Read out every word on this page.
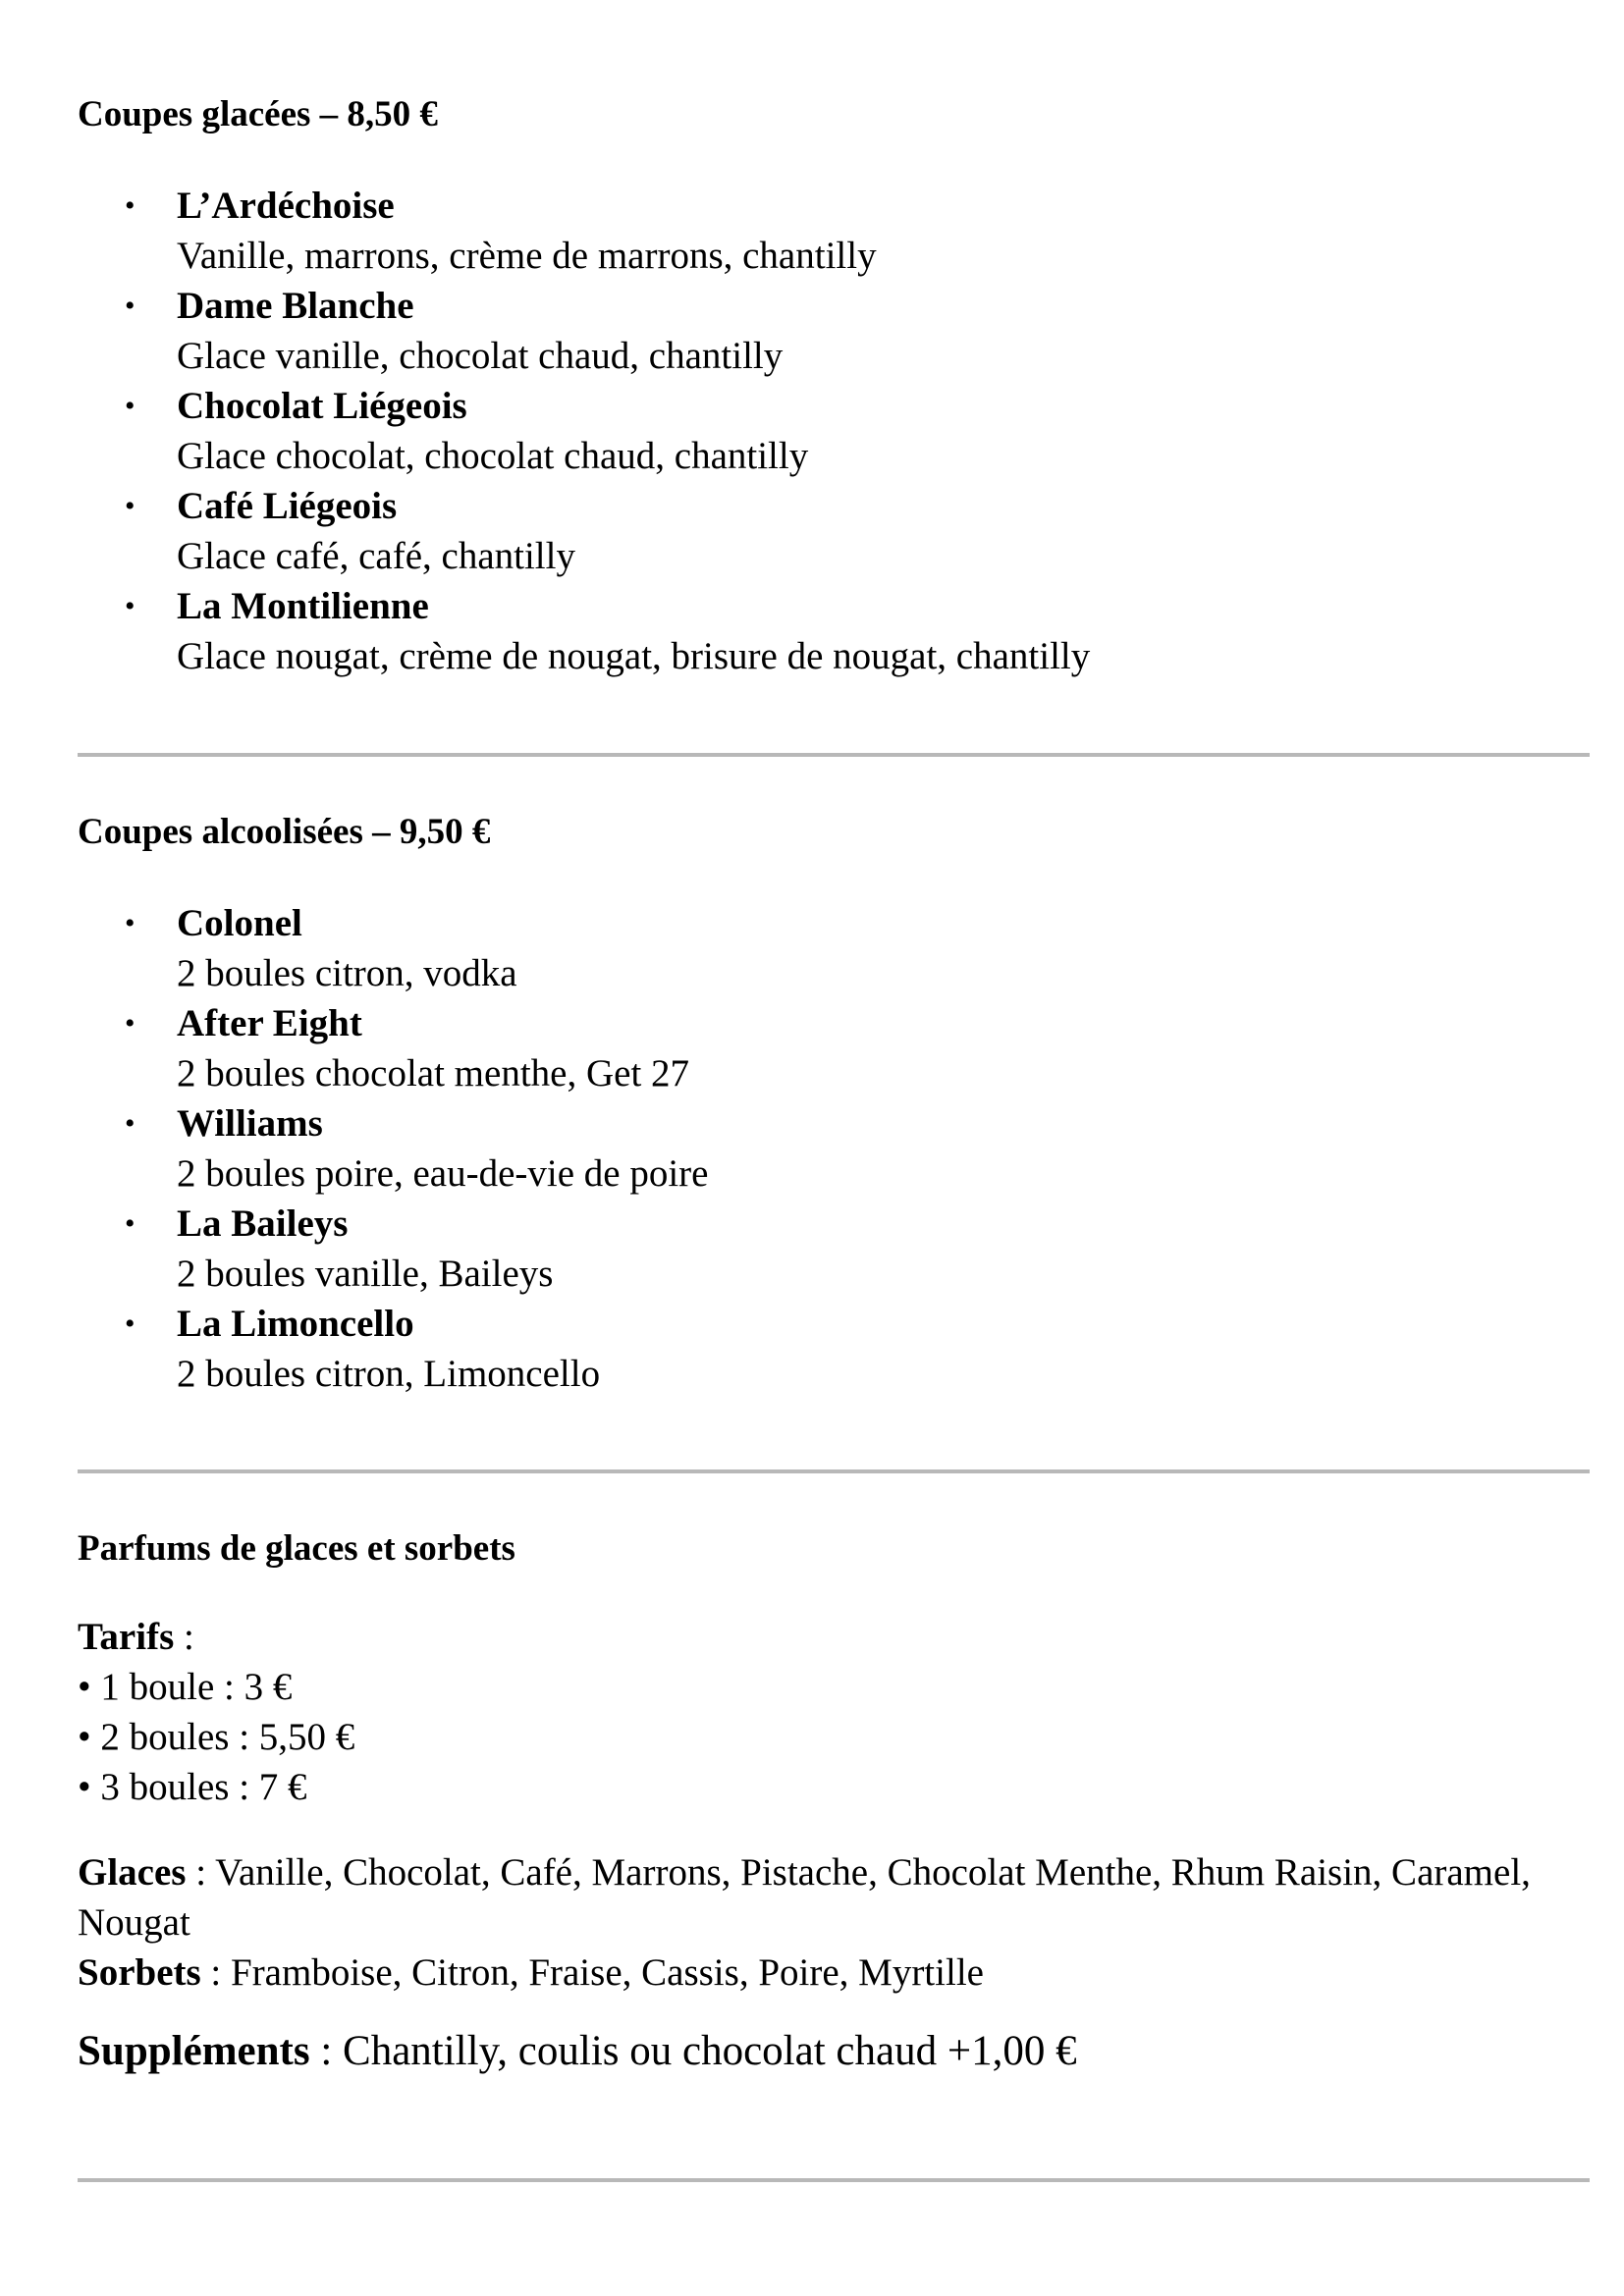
Coupes glacées – 8,50 €
• L’Ardéchoise
Vanille, marrons, crème de marrons, chantilly
• Dame Blanche
Glace vanille, chocolat chaud, chantilly
• Chocolat Liégeois
Glace chocolat, chocolat chaud, chantilly
• Café Liégeois
Glace café, café, chantilly
• La Montilienne
Glace nougat, crème de nougat, brisure de nougat, chantilly
Coupes alcoolisées – 9,50 €
• Colonel
2 boules citron, vodka
• After Eight
2 boules chocolat menthe, Get 27
• Williams
2 boules poire, eau-de-vie de poire
• La Baileys
2 boules vanille, Baileys
• La Limoncello
2 boules citron, Limoncello
Parfums de glaces et sorbets
Tarifs :
• 1 boule : 3 €
• 2 boules : 5,50 €
• 3 boules : 7 €
Glaces : Vanille, Chocolat, Café, Marrons, Pistache, Chocolat Menthe, Rhum Raisin, Caramel, Nougat
Sorbets : Framboise, Citron, Fraise, Cassis, Poire, Myrtille
Suppléments : Chantilly, coulis ou chocolat chaud +1,00 €
